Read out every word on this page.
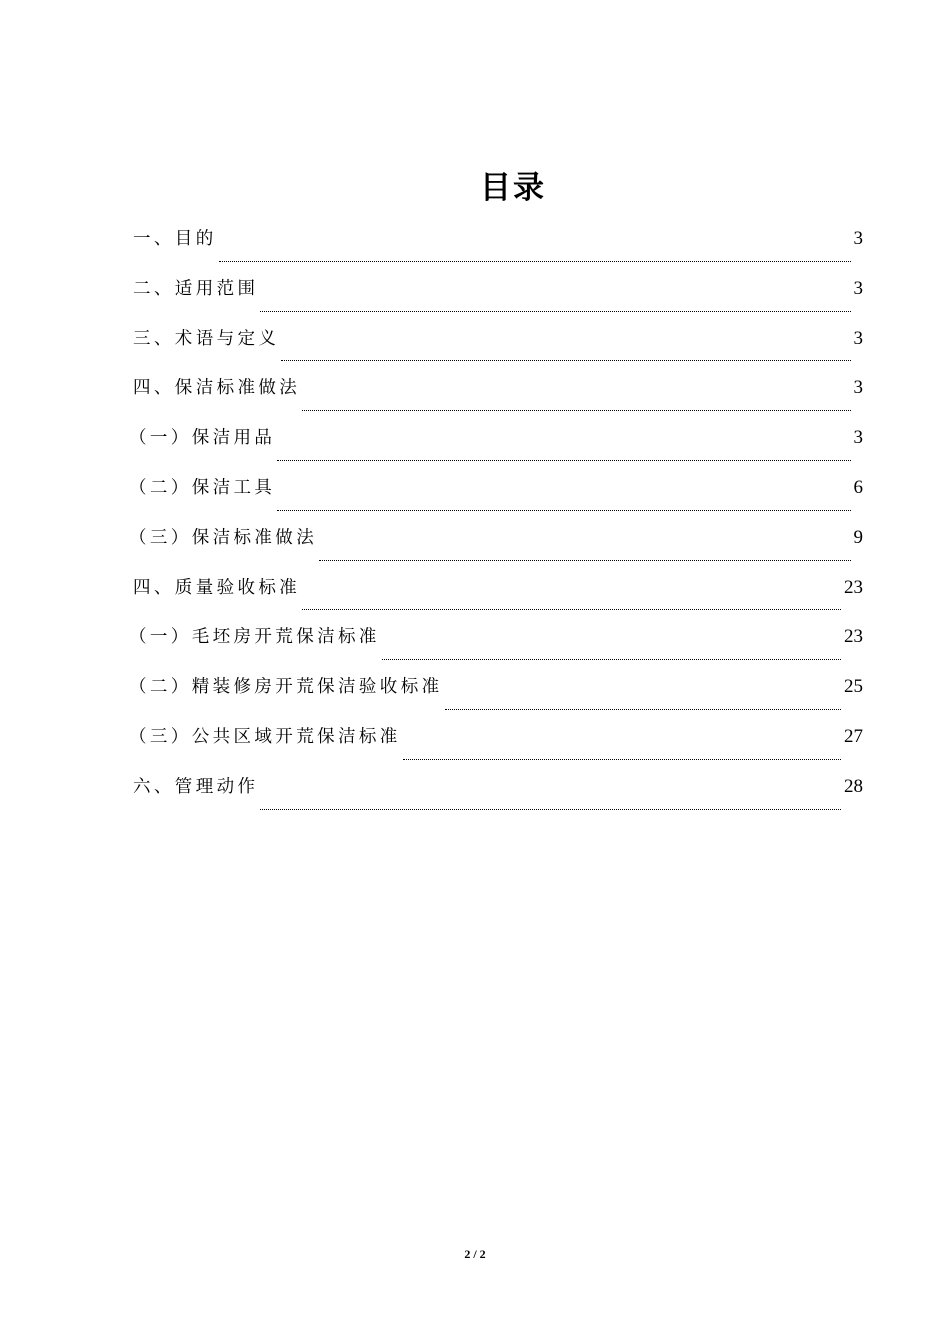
目录
一、目的	3
二、适用范围	3
三、术语与定义	3
四、保洁标准做法	3
（一）保洁用品	3
（二）保洁工具	6
（三）保洁标准做法	9
四、质量验收标准	23
（一）毛坯房开荒保洁标准	23
（二）精装修房开荒保洁验收标准	25
（三）公共区域开荒保洁标准	27
六、管理动作	28
2 / 2
